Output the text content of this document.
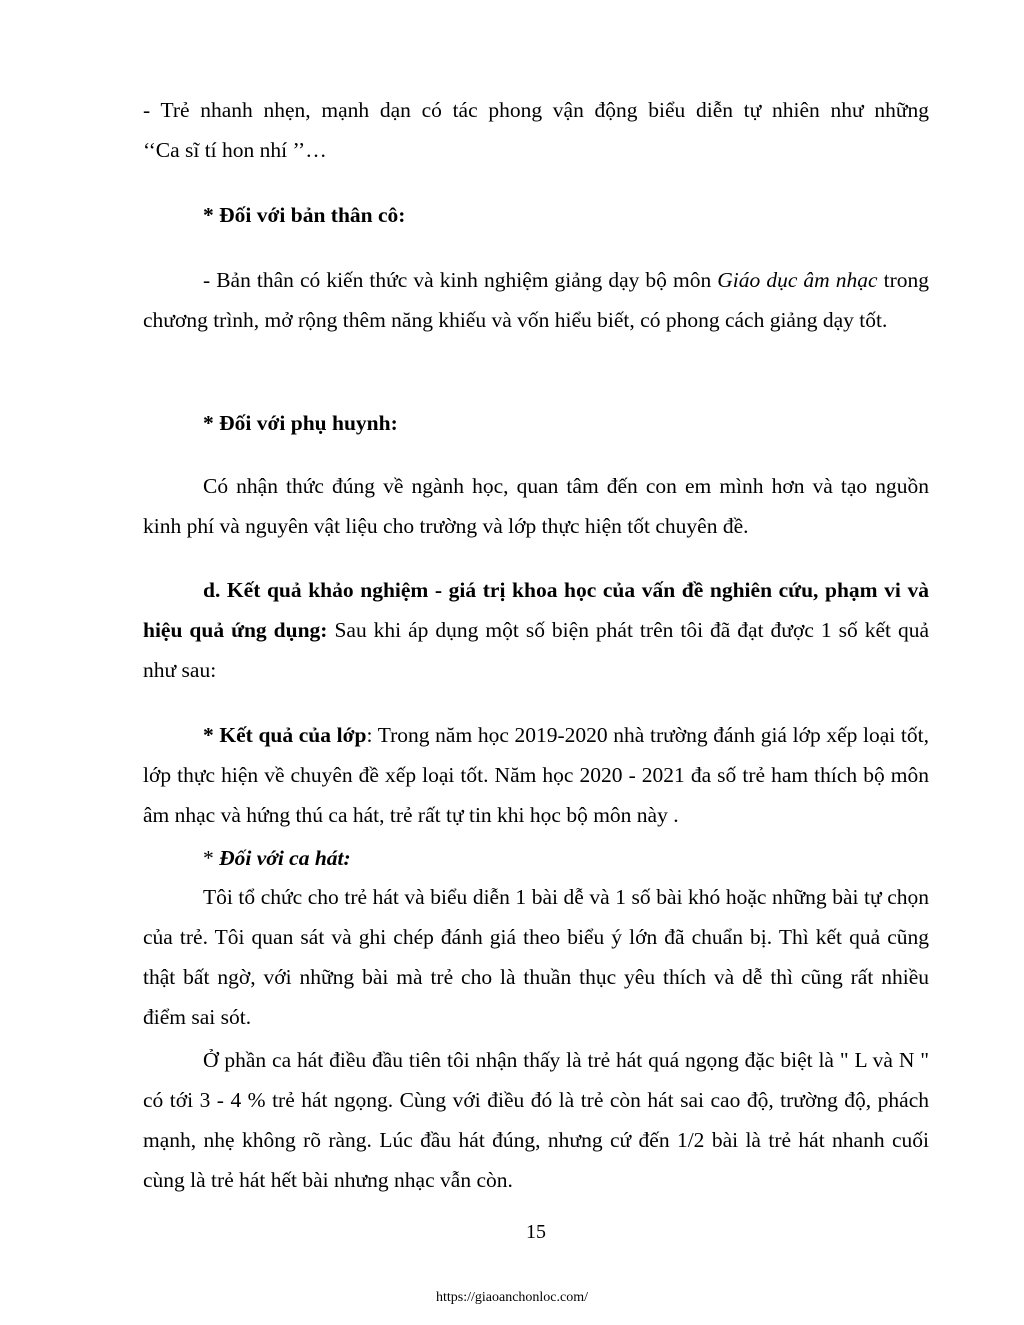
- Trẻ nhanh nhẹn, mạnh dạn có tác phong vận động biểu diễn tự nhiên như những
‘‘Ca sĩ tí hon nhí ’’…
* Đối với bản thân cô:
- Bản thân có kiến thức và kinh nghiệm giảng dạy bộ môn Giáo dục âm nhạc trong chương trình, mở rộng thêm năng khiếu và vốn hiểu biết, có phong cách giảng dạy tốt.
* Đối với phụ huynh:
Có nhận thức đúng về ngành học, quan tâm đến con em mình hơn và tạo nguồn kinh phí và nguyên vật liệu cho trường và lớp thực hiện tốt chuyên đề.
d. Kết quả khảo nghiệm - giá trị khoa học của vấn đề nghiên cứu, phạm vi và hiệu quả ứng dụng: Sau khi áp dụng một số biện phát trên tôi đã đạt được 1 số kết quả như sau:
* Kết quả của lớp: Trong năm học 2019-2020 nhà trường đánh giá lớp xếp loại tốt, lớp thực hiện về chuyên đề xếp loại tốt. Năm học 2020 - 2021 đa số trẻ ham thích bộ môn âm nhạc và hứng thú ca hát, trẻ rất tự tin khi học bộ môn này .
* Đối với ca hát:
Tôi tổ chức cho trẻ hát và biểu diễn 1 bài dễ và 1 số bài khó hoặc những bài tự chọn của trẻ. Tôi quan sát và ghi chép đánh giá theo biểu ý lớn đã chuẩn bị. Thì kết quả cũng thật bất ngờ, với những bài mà trẻ cho là thuần thục yêu thích và dễ thì cũng rất nhiều điểm sai sót.
Ở phần ca hát điều đầu tiên tôi nhận thấy là trẻ hát quá ngọng đặc biệt là " L và N " có tới 3 - 4 % trẻ hát ngọng. Cùng với điều đó là trẻ còn hát sai cao độ, trường độ, phách mạnh, nhẹ không rõ ràng. Lúc đầu hát đúng, nhưng cứ đến 1/2 bài là trẻ hát nhanh cuối cùng là trẻ hát hết bài nhưng nhạc vẫn còn.
15
https://giaoanchonloc.com/
